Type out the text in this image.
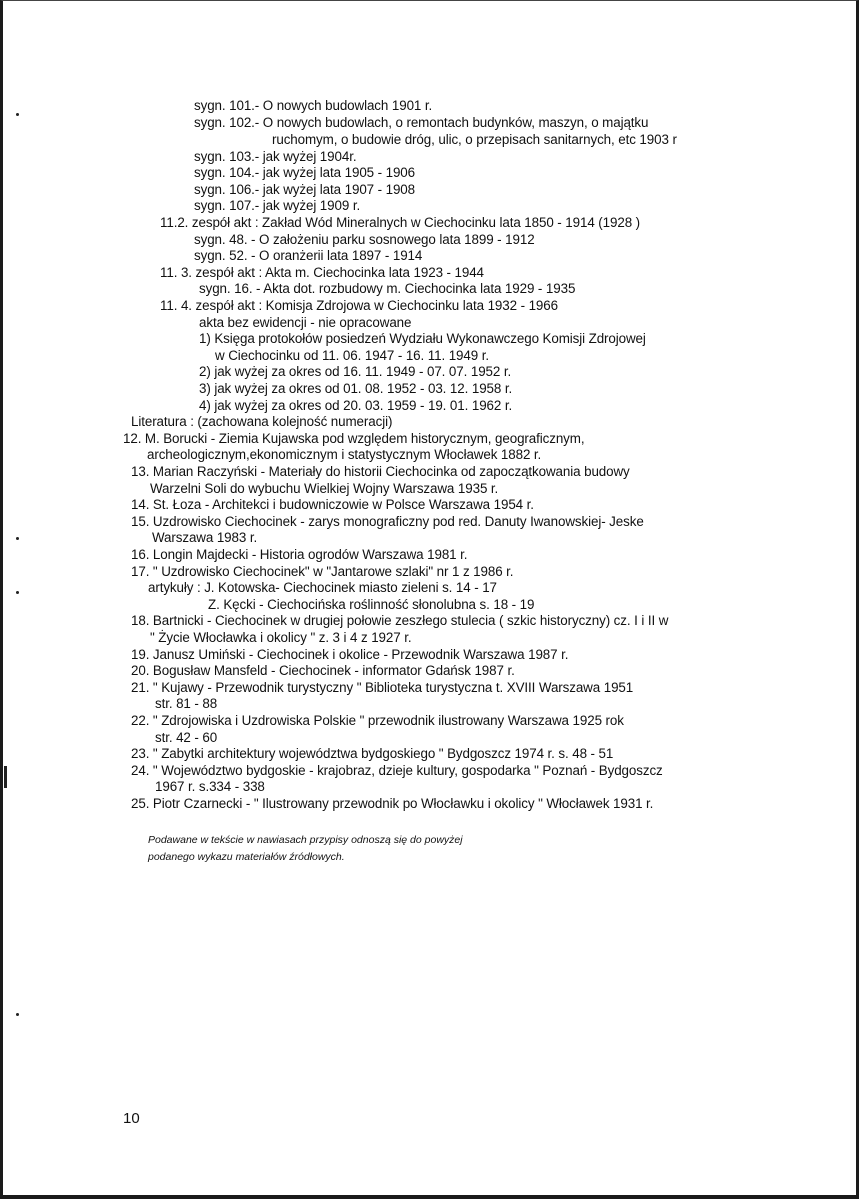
sygn. 101.- O nowych budowlach 1901 r.
sygn. 102.- O nowych budowlach, o remontach budynków, maszyn, o majątku
ruchomym, o budowie dróg, ulic, o przepisach sanitarnych, etc 1903 r
sygn. 103.- jak wyżej 1904r.
sygn. 104.- jak wyżej lata 1905 - 1906
sygn. 106.- jak wyżej lata 1907 - 1908
sygn. 107.- jak wyżej 1909 r.
11.2. zespół akt : Zakład Wód Mineralnych w Ciechocinku lata 1850 - 1914 (1928 )
sygn. 48. - O założeniu parku sosnowego lata 1899 - 1912
sygn. 52. - O oranżerii lata 1897 - 1914
11. 3. zespół akt : Akta m. Ciechocinka lata 1923 - 1944
sygn. 16. - Akta dot. rozbudowy m. Ciechocinka lata 1929 - 1935
11. 4. zespół akt : Komisja Zdrojowa w Ciechocinku lata 1932 - 1966
akta bez ewidencji - nie opracowane
1) Księga protokołów posiedzeń Wydziału Wykonawczego Komisji Zdrojowej
w Ciechocinku od 11. 06. 1947 - 16. 11. 1949 r.
2) jak wyżej za okres od 16. 11. 1949 - 07. 07. 1952 r.
3) jak wyżej za okres od 01. 08. 1952 - 03. 12. 1958 r.
4) jak wyżej za okres od 20. 03. 1959 - 19. 01. 1962 r.
Literatura : (zachowana kolejność numeracji)
12. M. Borucki - Ziemia Kujawska pod względem historycznym, geograficznym,
archeologicznym,ekonomicznym i statystycznym Włocławek 1882 r.
13. Marian Raczyński - Materiały do historii Ciechocinka od zapoczątkowania budowy
Warzelni Soli do wybuchu Wielkiej Wojny Warszawa 1935 r.
14. St. Łoza - Architekci i budowniczowie w Polsce Warszawa 1954 r.
15. Uzdrowisko Ciechocinek - zarys monograficzny pod red. Danuty Iwanowskiej- Jeske
Warszawa 1983 r.
16. Longin Majdecki - Historia ogrodów Warszawa 1981 r.
17. " Uzdrowisko Ciechocinek" w "Jantarowe szlaki" nr 1 z 1986 r.
artykuły : J. Kotowska- Ciechocinek miasto zieleni s. 14 - 17
Z. Kęcki - Ciechocińska roślinność słonolubna s. 18 - 19
18. Bartnicki - Ciechocinek w drugiej połowie zeszłego stulecia ( szkic historyczny) cz. I i II w
" Życie Włocławka i okolicy " z. 3 i 4 z 1927 r.
19. Janusz Umiński - Ciechocinek i okolice - Przewodnik Warszawa 1987 r.
20. Bogusław Mansfeld - Ciechocinek - informator Gdańsk 1987 r.
21. " Kujawy - Przewodnik turystyczny " Biblioteka turystyczna t. XVIII Warszawa 1951
str. 81 - 88
22. " Zdrojowiska i Uzdrowiska Polskie " przewodnik ilustrowany Warszawa 1925 rok
str. 42 - 60
23. " Zabytki architektury województwa bydgoskiego " Bydgoszcz 1974 r. s. 48 - 51
24. " Województwo bydgoskie - krajobraz, dzieje kultury, gospodarka " Poznań - Bydgoszcz
1967 r. s.334 - 338
25. Piotr Czarnecki - " Ilustrowany przewodnik po Włocławku i okolicy " Włocławek 1931 r.
Podawane w tekście w nawiasach przypisy odnoszą się do powyżej
podanego wykazu materiałów źródłowych.
10
